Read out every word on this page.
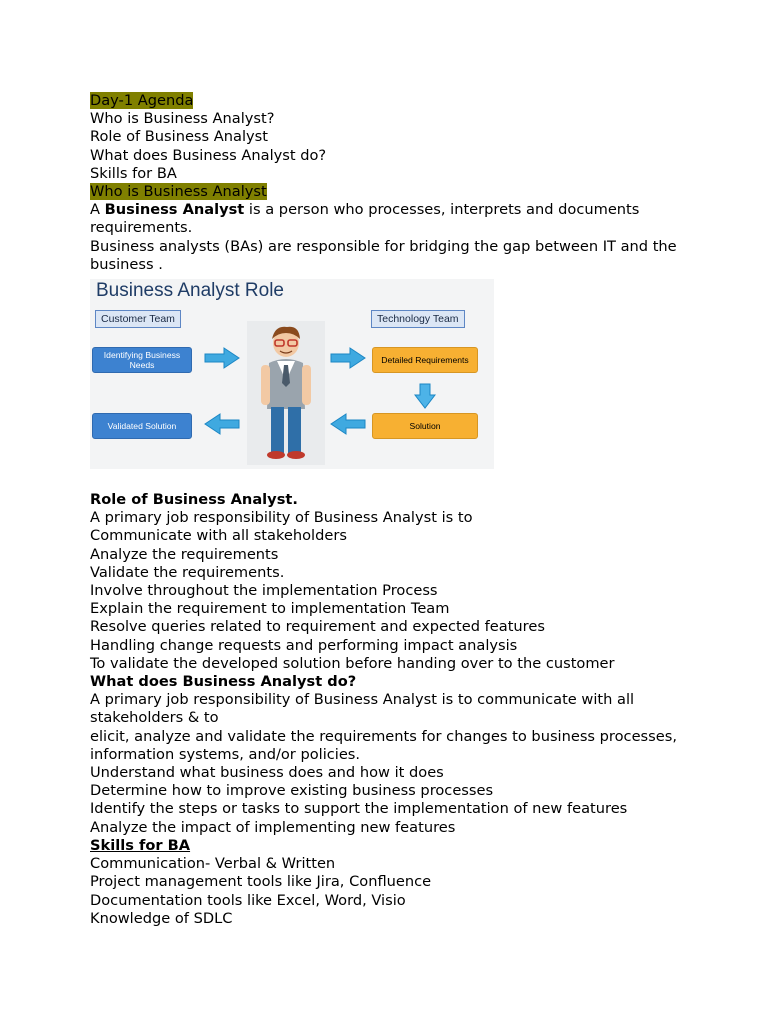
Day-1 Agenda
Who is Business Analyst?
Role of Business Analyst
What does Business Analyst do?
Skills for BA
Who is Business Analyst
A Business Analyst is a person who processes, interprets and documents requirements.
Business analysts (BAs) are responsible for bridging the gap between IT and the business .
Business Analyst Role
Customer Team	Technology Team
Identifying Business Needs
Validated Solution
Detailed Requirements
Solution
Role of Business Analyst.
A primary job responsibility of Business Analyst is to
Communicate with all stakeholders
Analyze the requirements
Validate the requirements.
Involve throughout the implementation Process
Explain the requirement to implementation Team
Resolve queries related to requirement and expected features
Handling change requests and performing impact analysis
To validate the developed solution before handing over to the customer
What does Business Analyst do?
A primary job responsibility of Business Analyst is to communicate with all stakeholders & to
elicit, analyze and validate the requirements for changes to business processes, information systems, and/or policies.
Understand what business does and how it does
Determine how to improve existing business processes
Identify the steps or tasks to support the implementation of new features
Analyze the impact of implementing new features
Skills for BA
Communication- Verbal & Written
Project management tools like Jira, Confluence
Documentation tools like Excel, Word, Visio
Knowledge of SDLC
